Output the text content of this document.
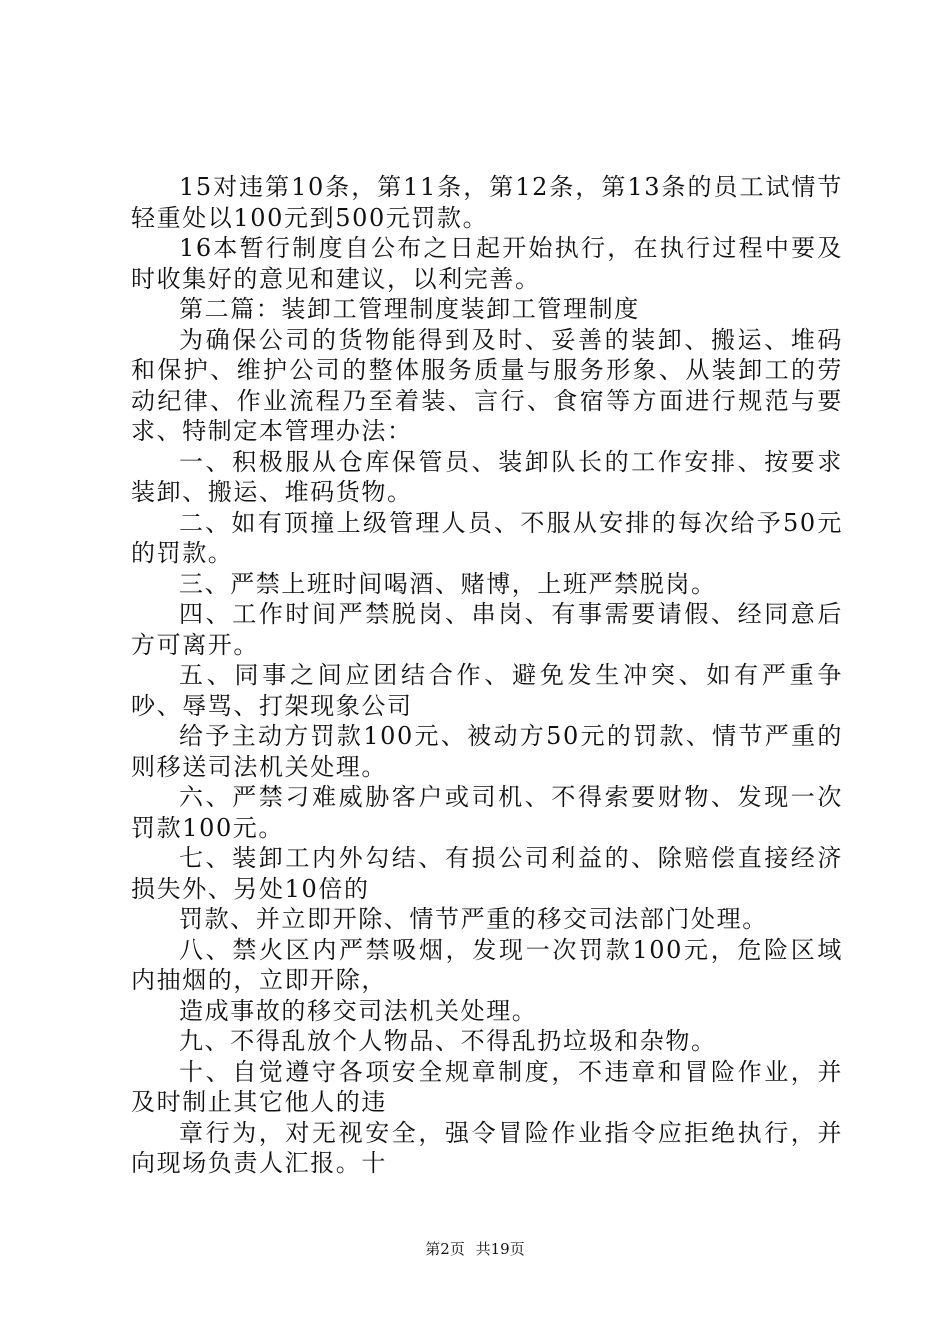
15对违第10条，第11条，第12条，第13条的员工试情节轻重处以100元到500元罚款。

16本暂行制度自公布之日起开始执行，在执行过程中要及时收集好的意见和建议，以利完善。

第二篇：装卸工管理制度装卸工管理制度

为确保公司的货物能得到及时、妥善的装卸、搬运、堆码和保护、维护公司的整体服务质量与服务形象、从装卸工的劳动纪律、作业流程乃至着装、言行、食宿等方面进行规范与要求、特制定本管理办法：

一、积极服从仓库保管员、装卸队长的工作安排、按要求装卸、搬运、堆码货物。

二、如有顶撞上级管理人员、不服从安排的每次给予50元的罚款。

三、严禁上班时间喝酒、赌博，上班严禁脱岗。

四、工作时间严禁脱岗、串岗、有事需要请假、经同意后方可离开。

五、同事之间应团结合作、避免发生冲突、如有严重争吵、辱骂、打架现象公司

给予主动方罚款100元、被动方50元的罚款、情节严重的则移送司法机关处理。

六、严禁刁难威胁客户或司机、不得索要财物、发现一次罚款100元。

七、装卸工内外勾结、有损公司利益的、除赔偿直接经济损失外、另处10倍的

罚款、并立即开除、情节严重的移交司法部门处理。

八、禁火区内严禁吸烟，发现一次罚款100元，危险区域内抽烟的，立即开除，

造成事故的移交司法机关处理。

九、不得乱放个人物品、不得乱扔垃圾和杂物。

十、自觉遵守各项安全规章制度，不违章和冒险作业，并及时制止其它他人的违

章行为，对无视安全，强令冒险作业指令应拒绝执行，并向现场负责人汇报。十

第2页 共19页
